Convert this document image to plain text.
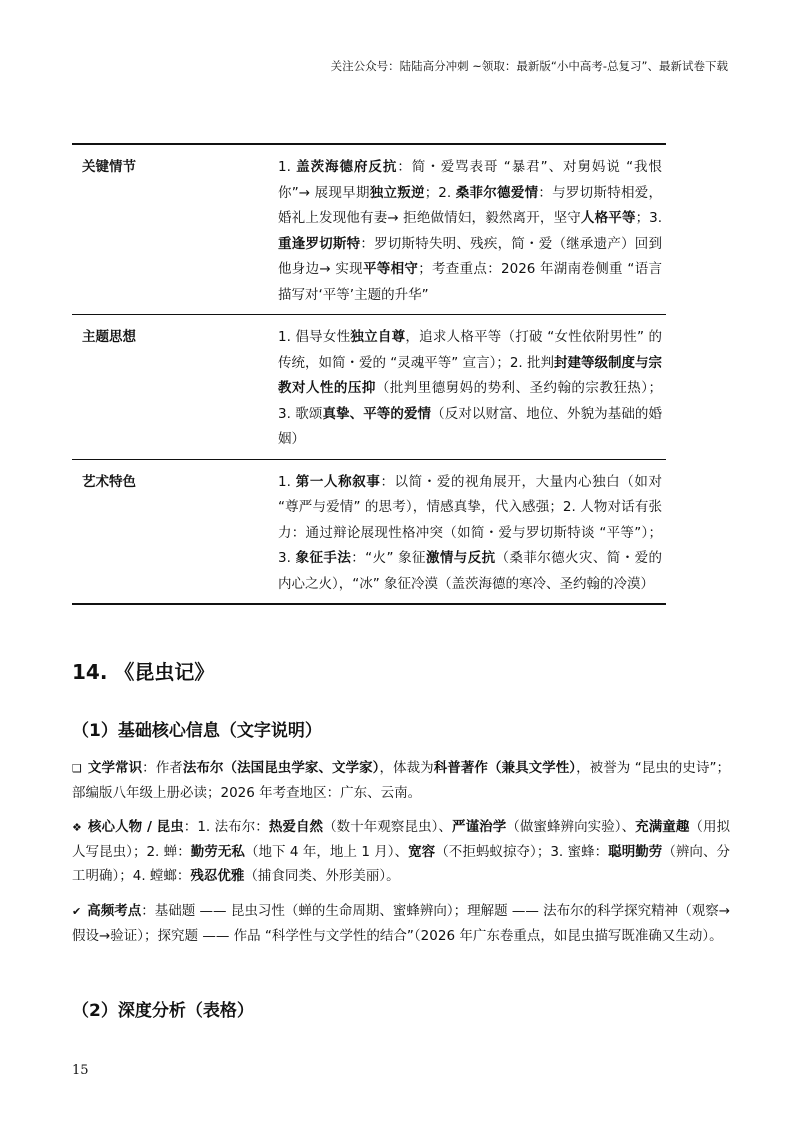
关注公众号：陆陆高分冲刺 ~领取：最新版“小中高考-总复习”、最新试卷下载
关键情节	1. 盖茨海德府反抗：简・爱骂表哥 “暴君”、对舅妈说 “我恨你”→ 展现早期独立叛逆；2. 桑菲尔德爱情：与罗切斯特相爱，婚礼上发现他有妻→ 拒绝做情妇，毅然离开，坚守人格平等；3. 重逢罗切斯特：罗切斯特失明、残疾，简・爱（继承遗产）回到他身边→ 实现平等相守；考查重点：2026 年湖南卷侧重 “语言描写对‘平等’主题的升华”
主题思想	1. 倡导女性独立自尊，追求人格平等（打破 “女性依附男性” 的传统，如简・爱的 “灵魂平等” 宣言）；2. 批判封建等级制度与宗教对人性的压抑（批判里德舅妈的势利、圣约翰的宗教狂热）；3. 歌颂真挚、平等的爱情（反对以财富、地位、外貌为基础的婚姻）
艺术特色	1. 第一人称叙事：以简・爱的视角展开，大量内心独白（如对 “尊严与爱情” 的思考），情感真挚，代入感强；2. 人物对话有张力：通过辩论展现性格冲突（如简・爱与罗切斯特谈 “平等”）；3. 象征手法：“火” 象征激情与反抗（桑菲尔德火灾、简・爱的内心之火），“冰” 象征冷漠（盖茨海德的寒冷、圣约翰的冷漠）
14. 《昆虫记》
（1）基础核心信息（文字说明）

❑ 文学常识：作者法布尔（法国昆虫学家、文学家），体裁为科普著作（兼具文学性），被誉为 “昆虫的史诗”；部编版八年级上册必读；2026 年考查地区：广东、云南。

❖ 核心人物 / 昆虫：1. 法布尔：热爱自然（数十年观察昆虫）、严谨治学（做蜜蜂辨向实验）、充满童趣（用拟人写昆虫）；2. 蝉：勤劳无私（地下 4 年，地上 1 月）、宽容（不拒蚂蚁掠夺）；3. 蜜蜂：聪明勤劳（辨向、分工明确）；4. 螳螂：残忍优雅（捕食同类、外形美丽）。

✔ 高频考点：基础题 —— 昆虫习性（蝉的生命周期、蜜蜂辨向）；理解题 —— 法布尔的科学探究精神（观察→假设→验证）；探究题 —— 作品 “科学性与文学性的结合”（2026 年广东卷重点，如昆虫描写既准确又生动）。

（2）深度分析（表格）
15
